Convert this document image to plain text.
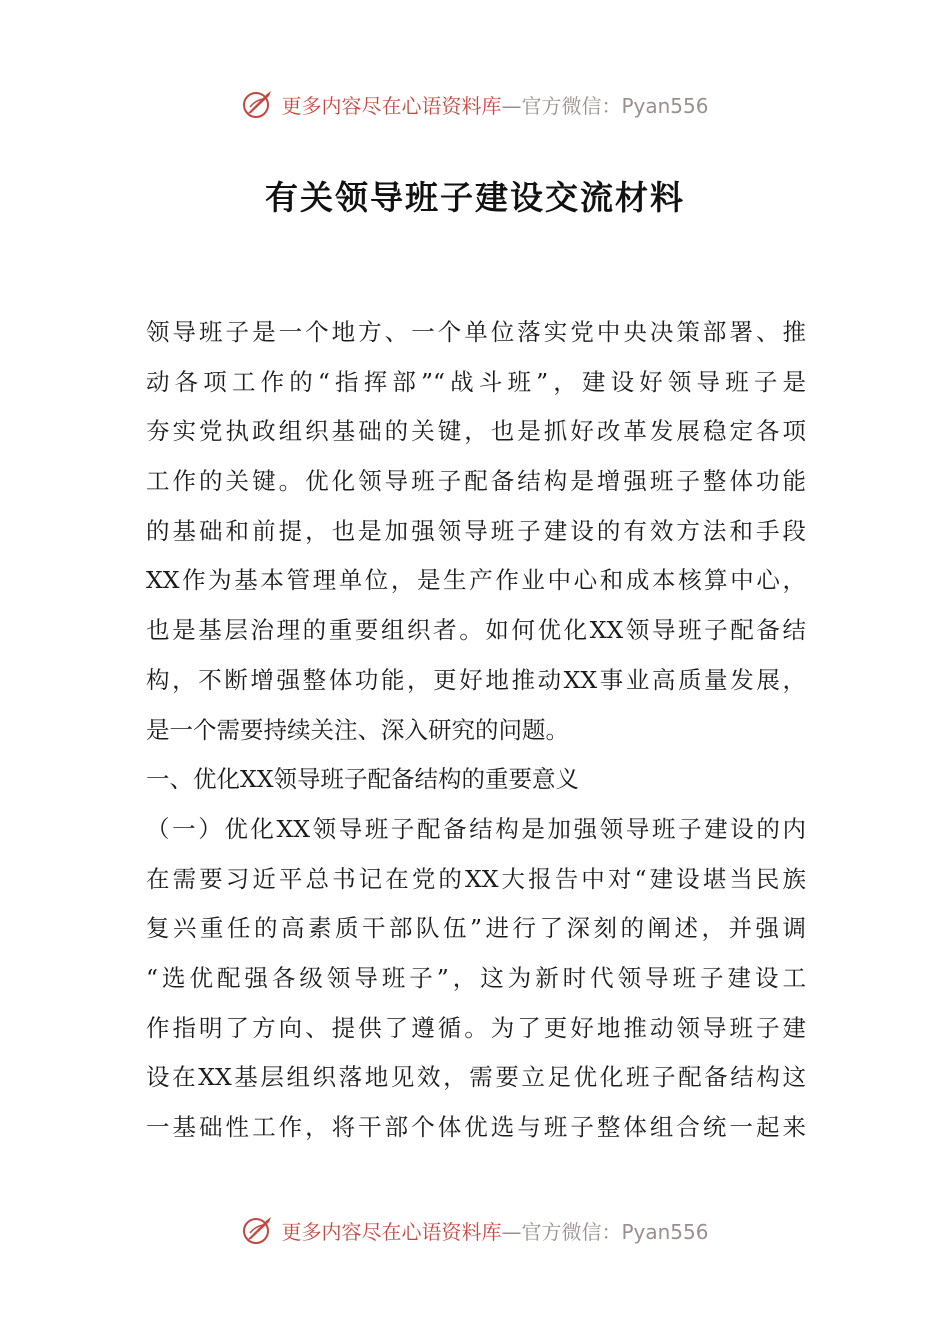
更多内容尽在心语资料库—官方微信：Pyan556
有关领导班子建设交流材料
领导班子是一个地方、一个单位落实党中央决策部署、推
动各项工作的“指挥部”“战斗班”，建设好领导班子是
夯实党执政组织基础的关键，也是抓好改革发展稳定各项
工作的关键。优化领导班子配备结构是增强班子整体功能
的基础和前提，也是加强领导班子建设的有效方法和手段
XX作为基本管理单位，是生产作业中心和成本核算中心，
也是基层治理的重要组织者。如何优化XX领导班子配备结
构，不断增强整体功能，更好地推动XX事业高质量发展，
是一个需要持续关注、深入研究的问题。
一、优化XX领导班子配备结构的重要意义
（一）优化XX领导班子配备结构是加强领导班子建设的内
在需要习近平总书记在党的XX大报告中对“建设堪当民族
复兴重任的高素质干部队伍”进行了深刻的阐述，并强调
“选优配强各级领导班子”，这为新时代领导班子建设工
作指明了方向、提供了遵循。为了更好地推动领导班子建
设在XX基层组织落地见效，需要立足优化班子配备结构这
一基础性工作，将干部个体优选与班子整体组合统一起来
更多内容尽在心语资料库—官方微信：Pyan556
